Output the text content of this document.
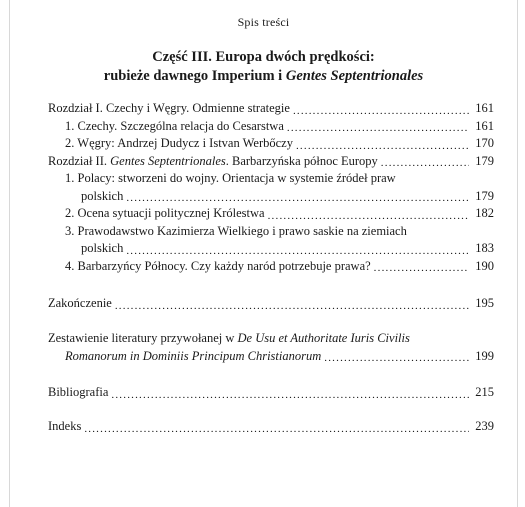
Spis treści
Część III. Europa dwóch prędkości:
rubieże dawnego Imperium i Gentes Septentrionales
Rozdział I. Czechy i Węgry. Odmienne strategie .....	161
1. Czechy. Szczególna relacja do Cesarstwa .....	161
2. Węgry: Andrzej Dudycz i Istvan Werbőczy .....	170
Rozdział II. Gentes Septentrionales. Barbarzyńska północ Europy .....	179
1. Polacy: stworzeni do wojny. Orientacja w systemie źródeł praw
polskich .....	179
2. Ocena sytuacji politycznej Królestwa .....	182
3. Prawodawstwo Kazimierza Wielkiego i prawo saskie na ziemiach
polskich .....	183
4. Barbarzyńcy Północy. Czy każdy naród potrzebuje prawa? .....	190
Zakończenie .....	195
Zestawienie literatury przywołanej w De Usu et Authoritate Iuris Civilis
Romanorum in Dominiis Principum Christianorum .....	199
Bibliografia .....	215
Indeks .....	239
